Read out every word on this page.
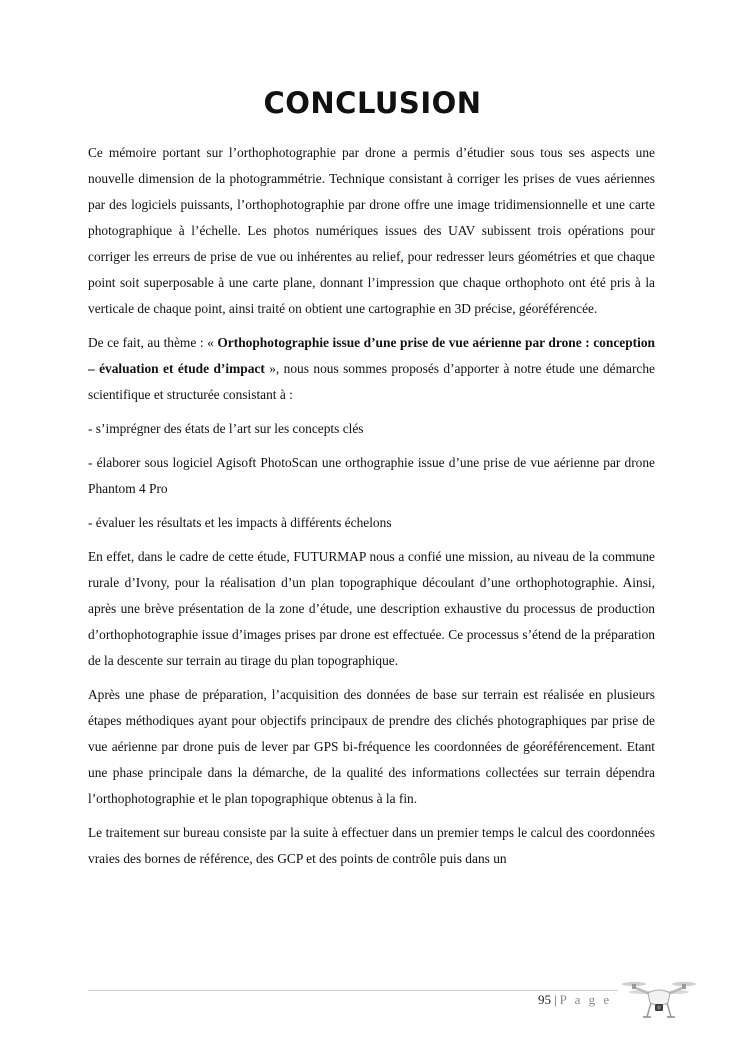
CONCLUSION

Ce mémoire portant sur l’orthophotographie par drone a permis d’étudier sous tous ses aspects une nouvelle dimension de la photogrammétrie. Technique consistant à corriger les prises de vues aériennes par des logiciels puissants, l’orthophotographie par drone offre une image tridimensionnelle et une carte photographique à l’échelle. Les photos numériques issues des UAV subissent trois opérations pour corriger les erreurs de prise de vue ou inhérentes au relief, pour redresser leurs géométries et que chaque point soit superposable à une carte plane, donnant l’impression que chaque orthophoto ont été pris à la verticale de chaque point, ainsi traité on obtient une cartographie en 3D précise, géoréférencée.

De ce fait, au thème : « Orthophotographie issue d’une prise de vue aérienne par drone : conception – évaluation et étude d’impact », nous nous sommes proposés d’apporter à notre étude une démarche scientifique et structurée consistant à :

- s’imprégner des états de l’art sur les concepts clés

- élaborer sous logiciel Agisoft PhotoScan une orthographie issue d’une prise de vue aérienne par drone Phantom 4 Pro

- évaluer les résultats et les impacts à différents échelons

En effet, dans le cadre de cette étude, FUTURMAP nous a confié une mission, au niveau de la commune rurale d’Ivony, pour la réalisation d’un plan topographique découlant d’une orthophotographie. Ainsi, après une brève présentation de la zone d’étude, une description exhaustive du processus de production d’orthophotographie issue d’images prises par drone est effectuée. Ce processus s’étend de la préparation de la descente sur terrain au tirage du plan topographique.

Après une phase de préparation, l’acquisition des données de base sur terrain est réalisée en plusieurs étapes méthodiques ayant pour objectifs principaux de prendre des clichés photographiques par prise de vue aérienne par drone puis de lever par GPS bi-fréquence les coordonnées de géoréférencement. Etant une phase principale dans la démarche, de la qualité des informations collectées sur terrain dépendra l’orthophotographie et le plan topographique obtenus à la fin.

Le traitement sur bureau consiste par la suite à effectuer dans un premier temps le calcul des coordonnées vraies des bornes de référence, des GCP et des points de contrôle puis dans un

95 | P a g e
